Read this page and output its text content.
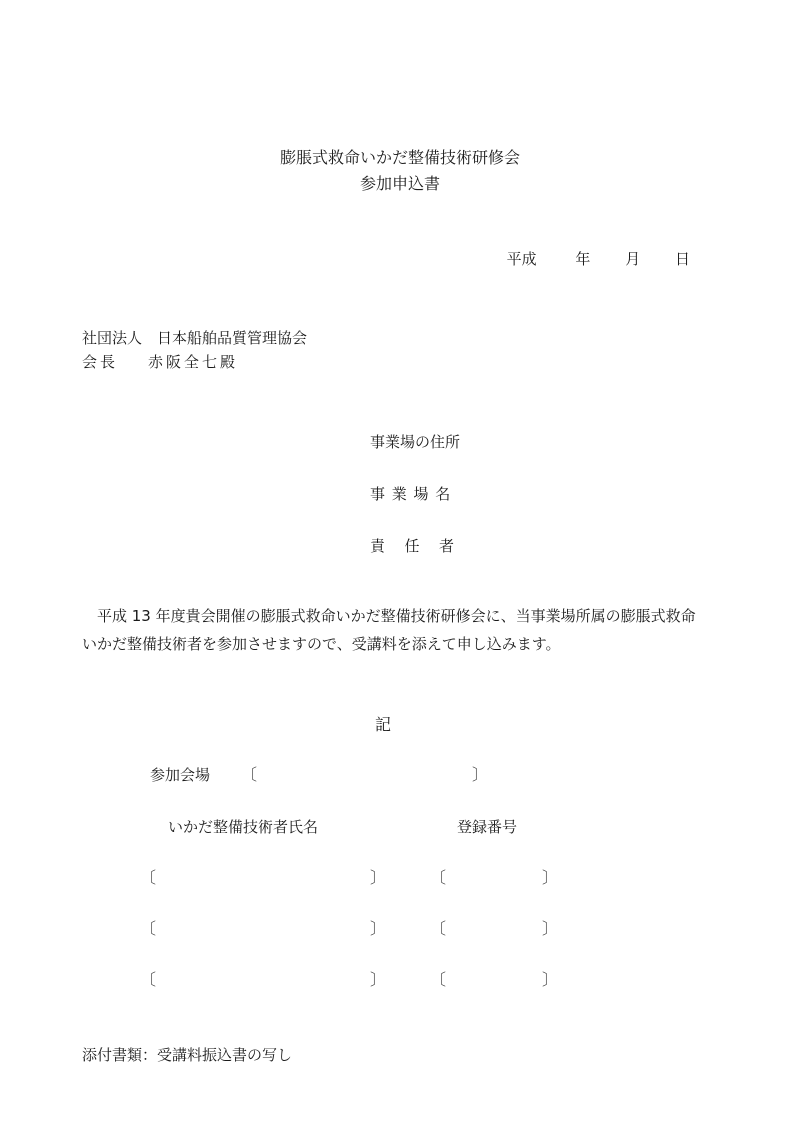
膨脹式救命いかだ整備技術研修会
参加申込書
平成	年 月 日
社団法人　日本船舶品質管理協会
会長 赤阪全七殿
事業場の住所
事業場名
責任者
平成 13 年度貴会開催の膨脹式救命いかだ整備技術研修会に、当事業場所属の膨脹式救命いかだ整備技術者を参加させますので、受講料を添えて申し込みます。
記
参加会場 〔	〕
いかだ整備技術者氏名	登録番号
〔	〕	〔	〕
〔	〕	〔	〕
〔	〕	〔	〕
添付書類：受講料振込書の写し
